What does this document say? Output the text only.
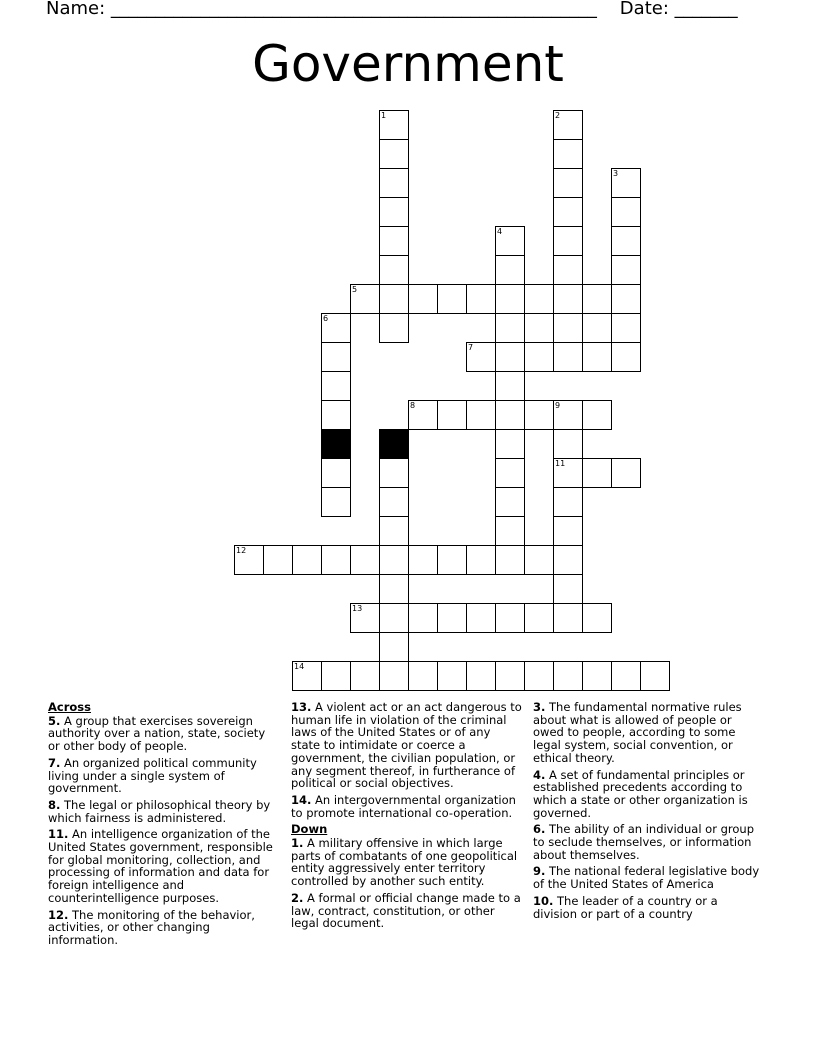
Name: ______________________________________________________ Date: _______
Government
1	2
3
4
5
6
7
8	9
11
10
12
13
14
Across
5. A group that exercises sovereign authority over a nation, state, society or other body of people.
7. An organized political community living under a single system of government.
8. The legal or philosophical theory by which fairness is administered.
11. An intelligence organization of the United States government, responsible for global monitoring, collection, and processing of information and data for foreign intelligence and counterintelligence purposes.
12. The monitoring of the behavior, activities, or other changing information.
13. A violent act or an act dangerous to human life in violation of the criminal laws of the United States or of any state to intimidate or coerce a government, the civilian population, or any segment thereof, in furtherance of political or social objectives.
14. An intergovernmental organization to promote international co-operation.
Down
1. A military offensive in which large parts of combatants of one geopolitical entity aggressively enter territory controlled by another such entity.
2. A formal or official change made to a law, contract, constitution, or other legal document.
3. The fundamental normative rules about what is allowed of people or owed to people, according to some legal system, social convention, or ethical theory.
4. A set of fundamental principles or established precedents according to which a state or other organization is governed.
6. The ability of an individual or group to seclude themselves, or information about themselves.
9. The national federal legislative body of the United States of America
10. The leader of a country or a division or part of a country
